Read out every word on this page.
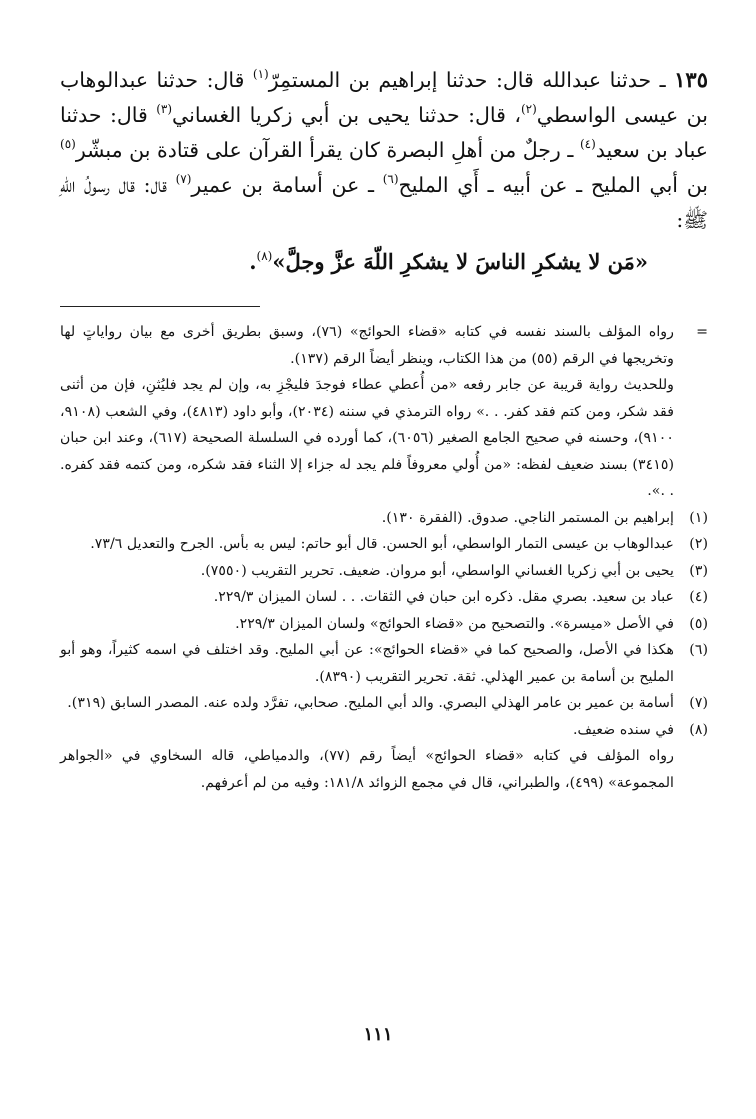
١٣٥ ـ حدثنا عبدالله قال: حدثنا إبراهيم بن المستمِرّ$^{(١)}$ قال: حدثنا عبدالوهاب بن عيسى الواسطي$^{(٢)}$، قال: حدثنا يحيى بن أبي زكريا الغساني$^{(٣)}$ قال: حدثنا عباد بن سعيد$^{(٤)}$ ـ رجلٌ من أهلِ البصرة كان يقرأ القرآن على قتادة بن مبشّر$^{(٥)}$ بن أبي المليح ـ عن أبيه ـ أَي المليح$^{(٦)}$ ـ عن أسامة بن عمير$^{(٧)}$ قال: قال رسولُ اللّهِ ﷺ:

«مَن لا يشكرِ الناسَ لا يشكرِ اللّهَ عزَّ وجلَّ»$^{(٨)}$.

=
رواه المؤلف بالسند نفسه في كتابه «قضاء الحوائج» (٧٦)، وسبق بطريق أخرى مع بيان رواياتٍ لها وتخريجها في الرقم (٥٥) من هذا الكتاب، وينظر أيضاً الرقم (١٣٧).

وللحديث رواية قريبة عن جابر رفعه «من أُعطي عطاء فوجدَ فليجْزِ به، وإن لم يجد فليُثنِ، فإن من أثنى فقد شكر، ومن كتم فقد كفر. . .» رواه الترمذي في سننه (٢٠٣٤)، وأبو داود (٤٨١٣)، وفي الشعب (٩١٠٨، ٩١٠٠)، وحسنه في صحيح الجامع الصغير (٦٠٥٦)، كما أورده في السلسلة الصحيحة (٦١٧)، وعند ابن حبان (٣٤١٥) بسند ضعيف لفظه: «من أُولي معروفاً فلم يجد له جزاء إلا الثناء فقد شكره، ومن كتمه فقد كفره. . .».

(١)
إبراهيم بن المستمر الناجي. صدوق. (الفقرة ١٣٠).
(٢)
عبدالوهاب بن عيسى التمار الواسطي، أبو الحسن. قال أبو حاتم: ليس به بأس. الجرح والتعديل ٧٣/٦.
(٣)
يحيى بن أبي زكريا الغساني الواسطي، أبو مروان. ضعيف. تحرير التقريب (٧٥٥٠).
(٤)
عباد بن سعيد. بصري مقل. ذكره ابن حبان في الثقات. . . لسان الميزان ٢٢٩/٣.
(٥)
في الأصل «ميسرة». والتصحيح من «قضاء الحوائج» ولسان الميزان ٢٢٩/٣.
(٦)
هكذا في الأصل، والصحيح كما في «قضاء الحوائج»: عن أبي المليح. وقد اختلف في اسمه كثيراً، وهو أبو المليح بن أسامة بن عمير الهذلي. ثقة. تحرير التقريب (٨٣٩٠).
(٧)
أسامة بن عمير بن عامر الهذلي البصري. والد أبي المليح. صحابي، تفرَّد ولده عنه. المصدر السابق (٣١٩).
(٨)
في سنده ضعيف.

رواه المؤلف في كتابه «قضاء الحوائج» أيضاً رقم (٧٧)، والدمياطي، قاله السخاوي في «الجواهر المجموعة» (٤٩٩)، والطبراني، قال في مجمع الزوائد ١٨١/٨: وفيه من لم أعرفهم.

١١١
